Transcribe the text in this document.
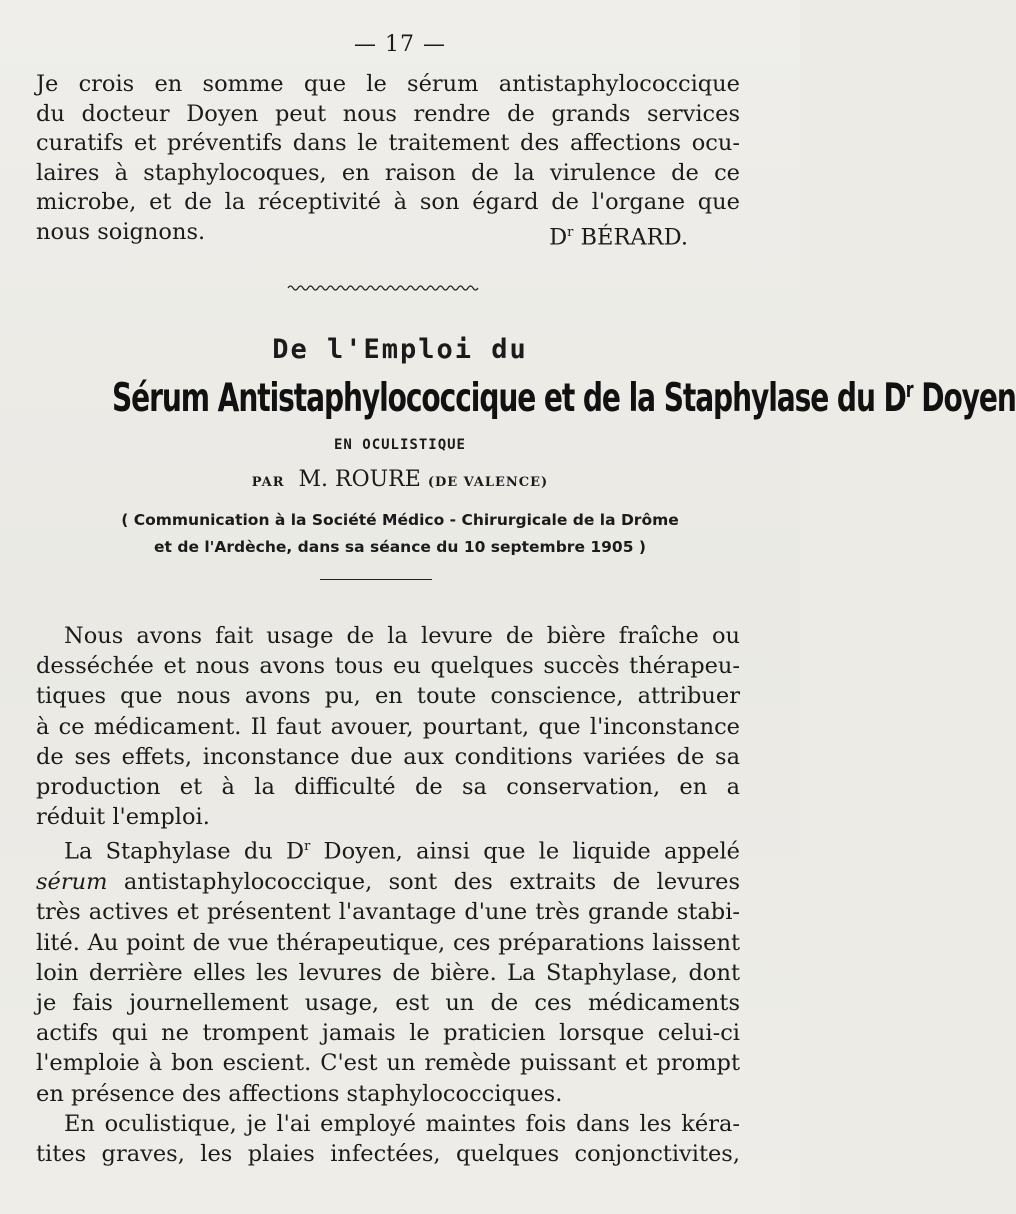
— 17 —
Je crois en somme que le sérum antistaphylococcique
du docteur Doyen peut nous rendre de grands services
curatifs et préventifs dans le traitement des affections ocu-
laires à staphylocoques, en raison de la virulence de ce
microbe, et de la réceptivité à son égard de l'organe que
nous soignons.	$D^r$ BÉRARD.
De l'Emploi du
Sérum Antistaphylococcique et de la Staphylase du $D^r$ Doyen
EN OCULISTIQUE
PAR M. ROURE (DE VALENCE)
( Communication à la Société Médico - Chirurgicale de la Drôme
et de l'Ardèche, dans sa séance du 10 septembre 1905 )
Nous avons fait usage de la levure de bière fraîche ou
desséchée et nous avons tous eu quelques succès thérapeu-
tiques que nous avons pu, en toute conscience, attribuer
à ce médicament. Il faut avouer, pourtant, que l'inconstance
de ses effets, inconstance due aux conditions variées de sa
production et à la difficulté de sa conservation, en a
réduit l'emploi.
La Staphylase du $D^r$ Doyen, ainsi que le liquide appelé
sérum antistaphylococcique, sont des extraits de levures
très actives et présentent l'avantage d'une très grande stabi-
lité. Au point de vue thérapeutique, ces préparations laissent
loin derrière elles les levures de bière. La Staphylase, dont
je fais journellement usage, est un de ces médicaments
actifs qui ne trompent jamais le praticien lorsque celui-ci
l'emploie à bon escient. C'est un remède puissant et prompt
en présence des affections staphylococciques.
En oculistique, je l'ai employé maintes fois dans les kéra-
tites graves, les plaies infectées, quelques conjonctivites,
